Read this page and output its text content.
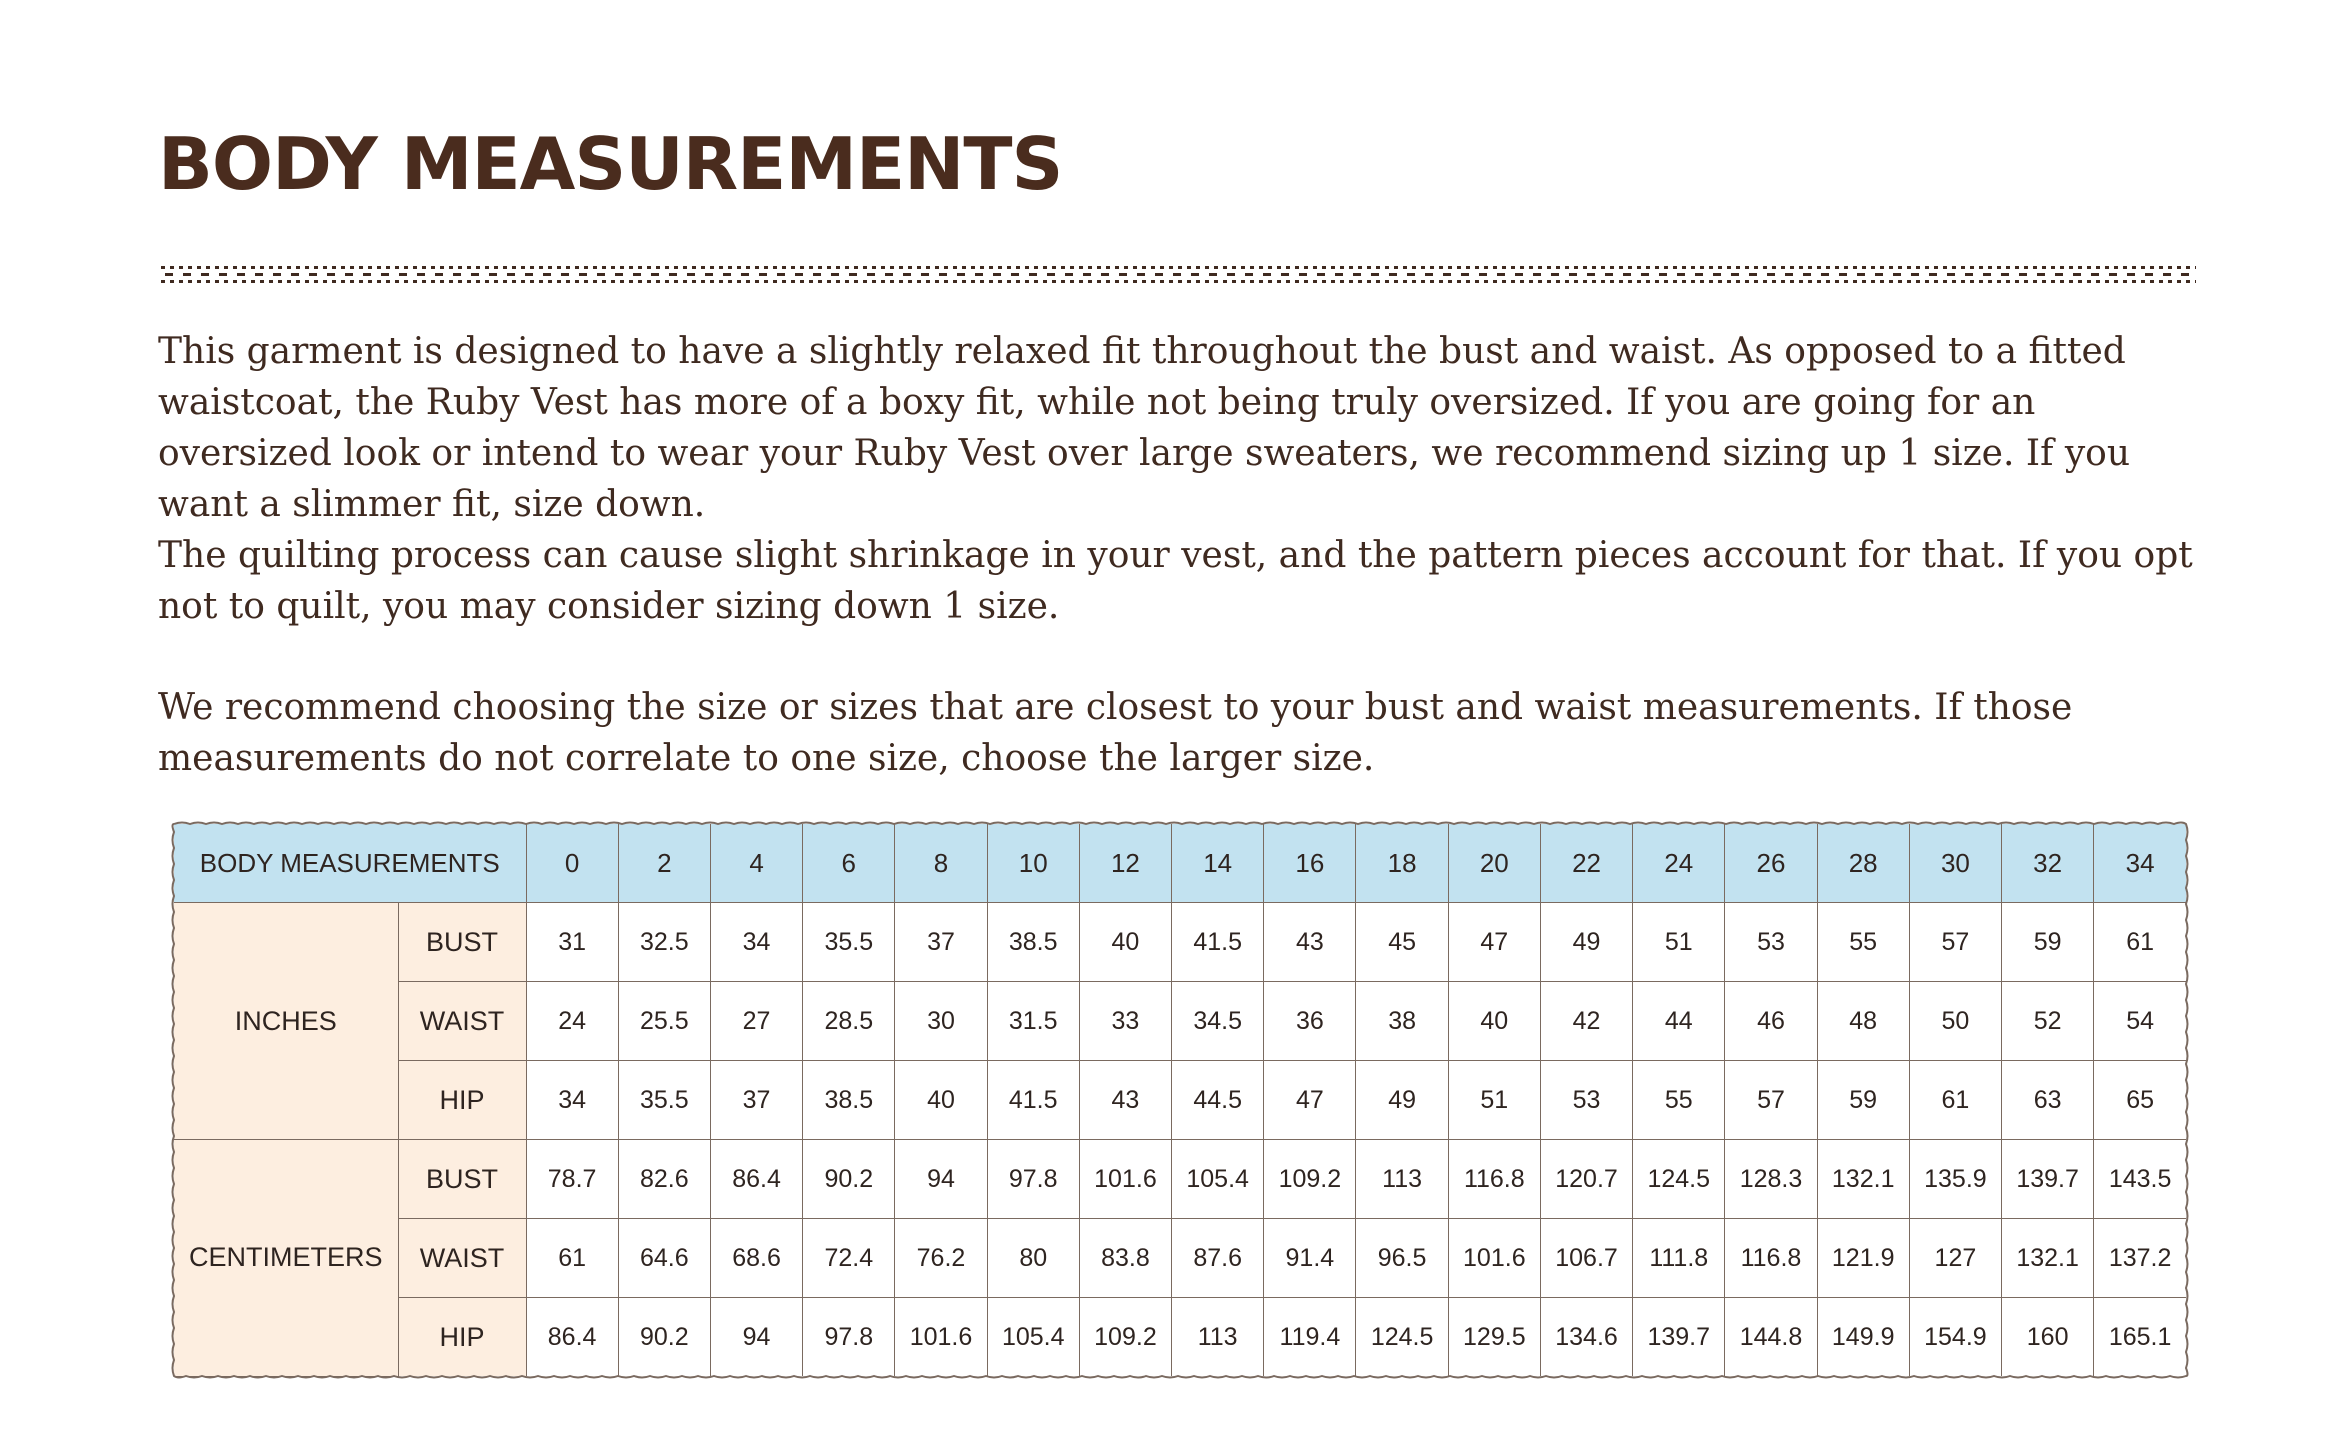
BODY MEASUREMENTS

This garment is designed to have a slightly relaxed fit throughout the bust and waist. As opposed to a fitted waistcoat, the Ruby Vest has more of a boxy fit, while not being truly oversized. If you are going for an oversized look or intend to wear your Ruby Vest over large sweaters, we recommend sizing up 1 size. If you want a slimmer fit, size down.

The quilting process can cause slight shrinkage in your vest, and the pattern pieces account for that. If you opt not to quilt, you may consider sizing down 1 size.

We recommend choosing the size or sizes that are closest to your bust and waist measurements. If those measurements do not correlate to one size, choose the larger size.

BODY MEASUREMENTS		0	2	4	6	8	10	12	14	16	18	20	22	24	26	28	30	32	34
INCHES	BUST	31	32.5	34	35.5	37	38.5	40	41.5	43	45	47	49	51	53	55	57	59	61
	WAIST	24	25.5	27	28.5	30	31.5	33	34.5	36	38	40	42	44	46	48	50	52	54
	HIP	34	35.5	37	38.5	40	41.5	43	44.5	47	49	51	53	55	57	59	61	63	65
CENTIMETERS	BUST	78.7	82.6	86.4	90.2	94	97.8	101.6	105.4	109.2	113	116.8	120.7	124.5	128.3	132.1	135.9	139.7	143.5
	WAIST	61	64.6	68.6	72.4	76.2	80	83.8	87.6	91.4	96.5	101.6	106.7	111.8	116.8	121.9	127	132.1	137.2
	HIP	86.4	90.2	94	97.8	101.6	105.4	109.2	113	119.4	124.5	129.5	134.6	139.7	144.8	149.9	154.9	160	165.1
